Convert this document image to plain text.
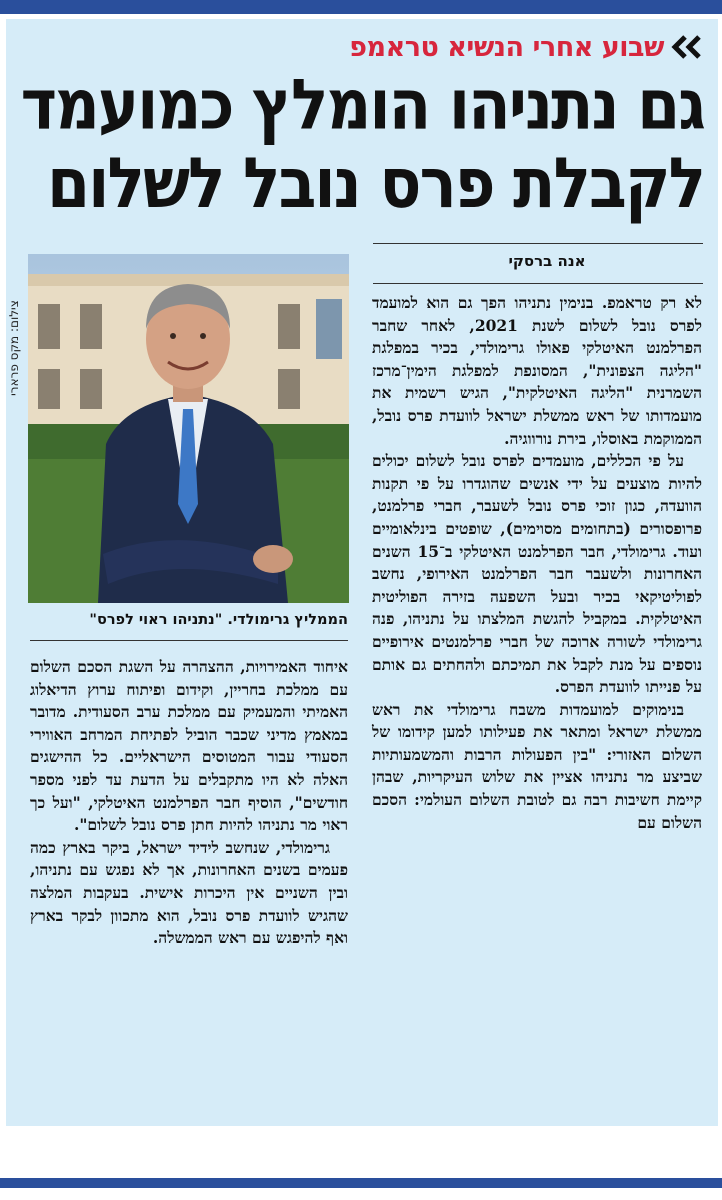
שבוע אחרי הנשיא טראמפ
גם נתניהו הומלץ כמועמד
לקבלת פרס נובל לשלום
אנה ברסקי

לא רק טראמפ. בנימין נתניהו הפך גם הוא למועמד לפרס נובל לשלום לשנת 2021, לאחר שחבר הפרלמנט האיטלקי פאולו גרימולדי, בכיר במפלגת "הליגה הצפונית", המסונפת למפלגת הימין־מרכז השמרנית "הליגה האיטלקית", הגיש רשמית את מועמדותו של ראש ממשלת ישראל לוועדת פרס נובל, הממוקמת באוסלו, בירת נורווגיה.

על פי הכללים, מועמדים לפרס נובל לשלום יכולים להיות מוצעים על ידי אנשים שהוגדרו על פי תקנות הוועדה, כגון זוכי פרס נובל לשעבר, חברי פרלמנט, פרופסורים (בתחומים מסוימים), שופטים בינלאומיים ועוד. גרימולדי, חבר הפרלמנט האיטלקי ב־15 השנים האחרונות ולשעבר חבר הפרלמנט האירופי, נחשב לפוליטיקאי בכיר ובעל השפעה בזירה הפוליטית האיטלקית. במקביל להגשת המלצתו על נתניהו, פנה גרימולדי לשורה ארוכה של חברי פרלמנטים אירופיים נוספים על מנת לקבל את תמיכתם ולהחתים גם אותם על פנייתו לוועדת הפרס.

בנימוקים למועמדות משבח גרימולדי את ראש ממשלת ישראל ומתאר את פעילותו למען קידומו של השלום האזורי: "בין הפעולות הרבות והמשמעותיות שביצע מר נתניהו אציין את שלוש העיקריות, שבהן קיימת חשיבות רבה גם לטובת השלום העולמי: הסכם השלום עם

צילום: מקס פרארי
הממליץ גרימולדי. "נתניהו ראוי לפרס"

איחוד האמירויות, ההצהרה על השגת הסכם השלום עם ממלכת בחריין, וקידום ופיתוח ערוץ הדיאלוג האמיתי והמעמיק עם ממלכת ערב הסעודית. מדובר במאמץ מדיני שכבר הוביל לפתיחת המרחב האווירי הסעודי עבור המטוסים הישראליים. כל ההישגים האלה לא היו מתקבלים על הדעת עד לפני מספר חודשים", הוסיף חבר הפרלמנט האיטלקי, "ועל כך ראוי מר נתניהו להיות חתן פרס נובל לשלום".

גרימולדי, שנחשב לידיד ישראל, ביקר בארץ כמה פעמים בשנים האחרונות, אך לא נפגש עם נתניהו, ובין השניים אין היכרות אישית. בעקבות המלצה שהגיש לוועדת פרס נובל, הוא מתכוון לבקר בארץ ואף להיפגש עם ראש הממשלה.
